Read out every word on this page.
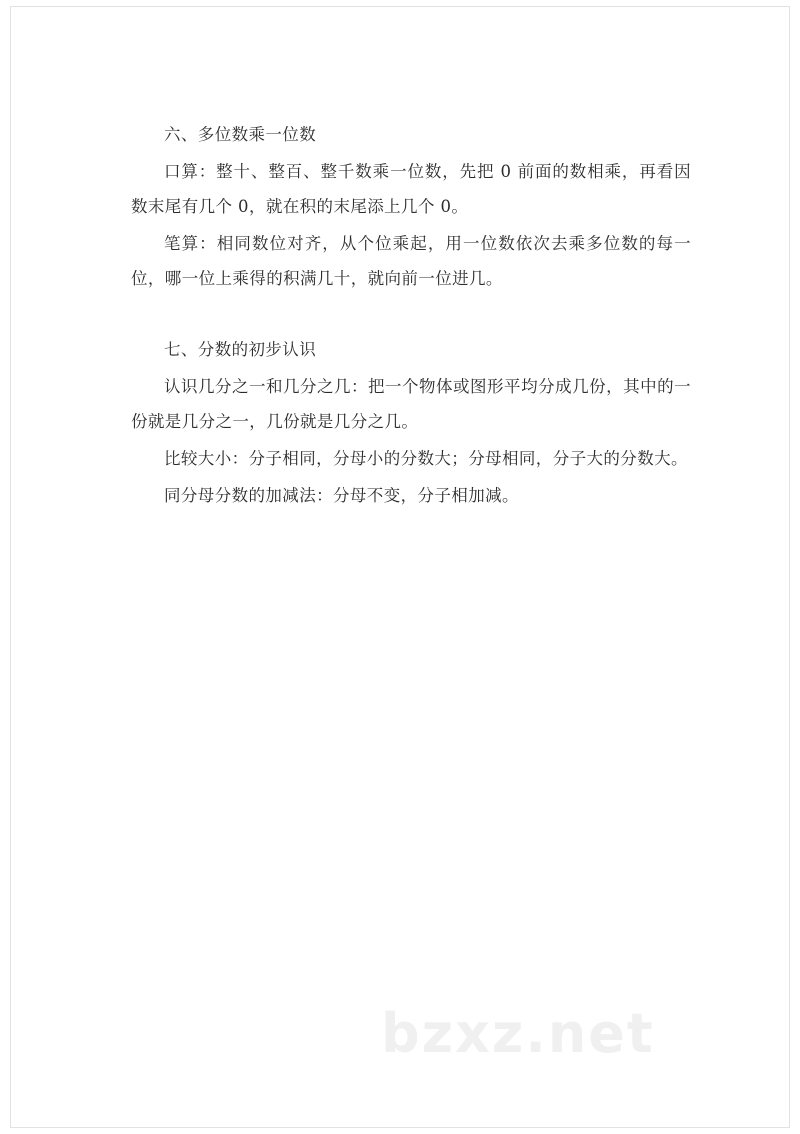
六、多位数乘一位数

口算：整十、整百、整千数乘一位数，先把 0 前面的数相乘，再看因数末尾有几个 0，就在积的末尾添上几个 0。

笔算：相同数位对齐，从个位乘起，用一位数依次去乘多位数的每一位，哪一位上乘得的积满几十，就向前一位进几。

七、分数的初步认识

认识几分之一和几分之几：把一个物体或图形平均分成几份，其中的一份就是几分之一，几份就是几分之几。

比较大小：分子相同，分母小的分数大；分母相同，分子大的分数大。

同分母分数的加减法：分母不变，分子相加减。

bzxz.net
